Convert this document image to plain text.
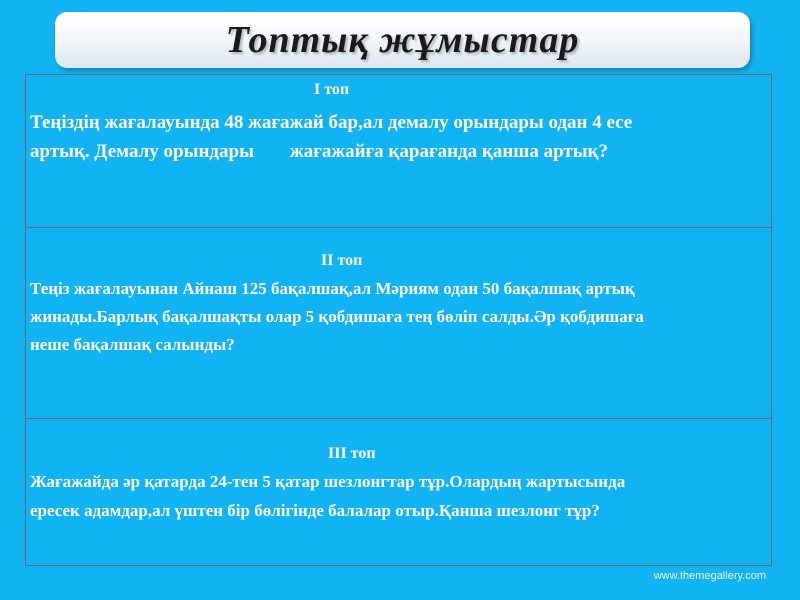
Топтық жұмыстар
І топ
Теңіздің жағалауында 48 жағажай бар,ал демалу орындары одан 4 есе
артық. Демалу орындары жағажайға қарағанда қанша артық?
ІІ топ
Теңіз жағалауынан Айнаш 125 бақалшақ,ал Мәриям одан 50 бақалшақ артық
жинады.Барлық бақалшақты олар 5 қобдишаға тең бөліп салды.Әр қобдишаға
неше бақалшақ салынды?
ІІІ топ
Жағажайда әр қатарда 24-тен 5 қатар шезлонгтар тұр.Олардың жартысында
ересек адамдар,ал үштен бір бөлігінде балалар отыр.Қанша шезлонг тұр?
www.themegallery.com
